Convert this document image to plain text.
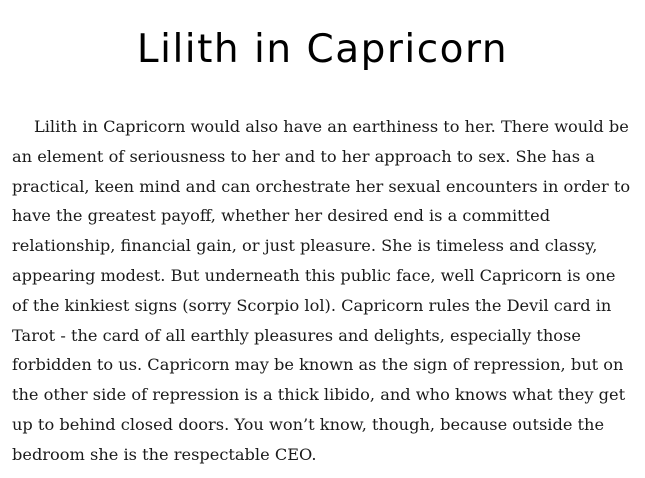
Lilith in Capricorn
Lilith in Capricorn would also have an earthiness to her. There would be
an element of seriousness to her and to her approach to sex. She has a
practical, keen mind and can orchestrate her sexual encounters in order to
have the greatest payoff, whether her desired end is a committed
relationship, financial gain, or just pleasure. She is timeless and classy,
appearing modest. But underneath this public face, well Capricorn is one
of the kinkiest signs (sorry Scorpio lol). Capricorn rules the Devil card in
Tarot - the card of all earthly pleasures and delights, especially those
forbidden to us. Capricorn may be known as the sign of repression, but on
the other side of repression is a thick libido, and who knows what they get
up to behind closed doors. You won’t know, though, because outside the
bedroom she is the respectable CEO.
